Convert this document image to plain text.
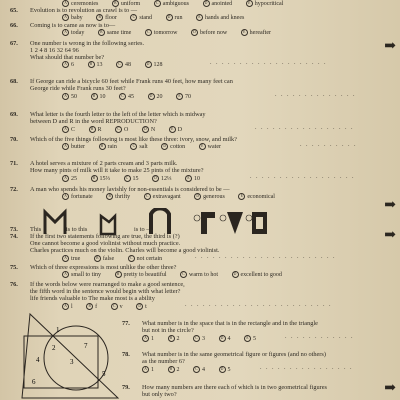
A ceremonies	B uniform	C ambiguous	D anointed	E hypocritical
65. Evolution is to revolution as crawl is to —
A baby	B floor	C stand	D run	E hands and knees
66. Coming is to came as now is to—
A today	B same time	C tomorrow	D before now	E hereafter
67. One number is wrong in the following series.
1 2 4 8 16 32 64 96
What should that number be?
A 6	B 13	C 48	D 128	. . . . . . . . . . . . . . . . . . . .
➡
68. If George can ride a bicycle 60 feet while Frank runs 40 feet, how many feet can
George ride while Frank runs 30 feet?
A 50	B 10	C 45	D 20	E 70	. . . . . . . . . . . . . .
69. What letter is the fourth letter to the left of the letter which is midway
between D and R in the word REPRODUCTION?
A C	B R	C O	D N	E D	. . . . . . . . . . . . . . . . .
70. Which of the five things following is most like these three: ivory, snow, and milk?
A butter	B rain	C salt	D cotton	E water	. . . . . . . . . .
71. A hotel serves a mixture of 2 parts cream and 3 parts milk.
How many pints of milk will it take to make 25 pints of the mixture?
A 25	B 15⅔	C 15	D 12⅓	E 10	. . . . . . . . . . . . . . . . . .
72. A man who spends his money lavishly for non-essentials is considered to be —
A fortunate	B thrifty	C extravagant	D generous	E economical
➡
73. This	is to this	is to —	➡
74. If the first two statements following are true, the third is (?)
One cannot become a good violinist without much practice.
Charles practices much on the violin. Charles will become a good violinist.
A true	B false	C not certain	. . . . . . . . . . . . . . . . . . . . . . . .
75. Which of three expressions is most unlike the other three?
A small to tiny	B pretty to beautiful	C warm to hot	D excellent to good
76. If the words below were rearranged to make a good sentence,
the fifth word in the sentence would begin with what letter?
life friends valuable to The make most is a ability
A l	B f	C v	D t	. . . . . . . . . . . . . . . . . . . . . . . . .
1
2
3
4
5
6
7
77. What number is in the space that is in the rectangle and in the triangle
but not in the circle?
A 1	B 2	C 3	D 4	E 5	. . . . . . . . . . . .
78. What number is in the same geometrical figure or figures (and no others)
as the number 6?
A 1	B 2	C 4	D 5	. . . . . . . . . . . . . . . .
79. How many numbers are there each of which is in two geometrical figures
but only two?	➡
